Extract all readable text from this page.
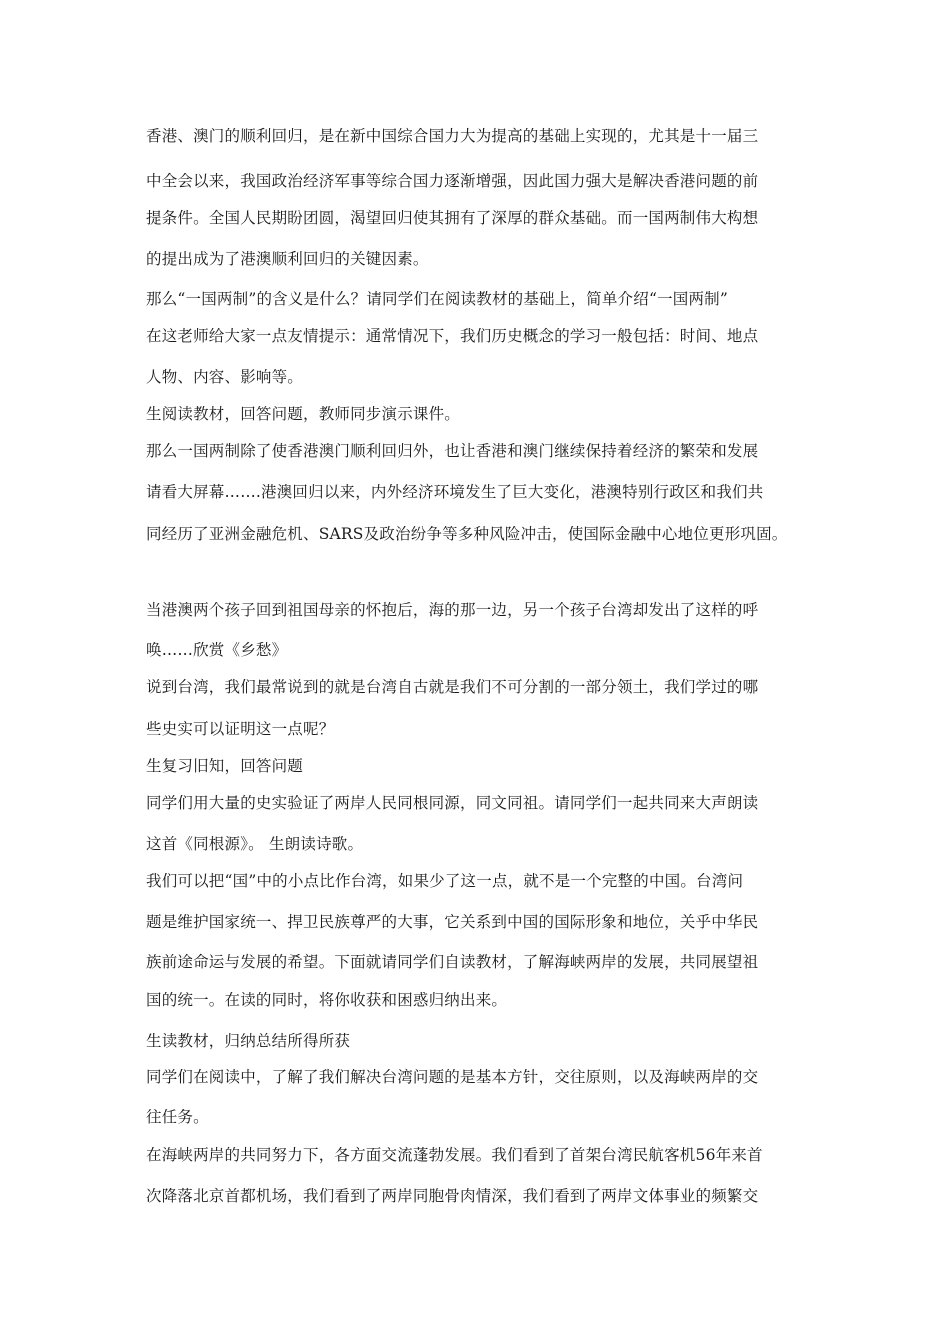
香港、澳门的顺利回归，是在新中国综合国力大为提高的基础上实现的，尤其是十一届三
中全会以来，我国政治经济军事等综合国力逐渐增强，因此国力强大是解决香港问题的前
提条件。全国人民期盼团圆，渴望回归使其拥有了深厚的群众基础。而一国两制伟大构想
的提出成为了港澳顺利回归的关键因素。
那么“一国两制”的含义是什么？请同学们在阅读教材的基础上，简单介绍“一国两制”
在这老师给大家一点友情提示：通常情况下，我们历史概念的学习一般包括：时间、地点
人物、内容、影响等。
生阅读教材，回答问题，教师同步演示课件。
那么一国两制除了使香港澳门顺利回归外，也让香港和澳门继续保持着经济的繁荣和发展
请看大屏幕…….港澳回归以来，内外经济环境发生了巨大变化，港澳特别行政区和我们共
同经历了亚洲金融危机、SARS及政治纷争等多种风险冲击，使国际金融中心地位更形巩固。
当港澳两个孩子回到祖国母亲的怀抱后，海的那一边，另一个孩子台湾却发出了这样的呼
唤……欣赏《乡愁》
说到台湾，我们最常说到的就是台湾自古就是我们不可分割的一部分领土，我们学过的哪
些史实可以证明这一点呢？
生复习旧知，回答问题
同学们用大量的史实验证了两岸人民同根同源，同文同祖。请同学们一起共同来大声朗读
这首《同根源》。 生朗读诗歌。
我们可以把“国”中的小点比作台湾，如果少了这一点，就不是一个完整的中国。台湾问
题是维护国家统一、捍卫民族尊严的大事，它关系到中国的国际形象和地位，关乎中华民
族前途命运与发展的希望。下面就请同学们自读教材，了解海峡两岸的发展，共同展望祖
国的统一。在读的同时，将你收获和困惑归纳出来。
生读教材，归纳总结所得所获
同学们在阅读中，了解了我们解决台湾问题的是基本方针，交往原则，以及海峡两岸的交
往任务。
在海峡两岸的共同努力下，各方面交流蓬勃发展。我们看到了首架台湾民航客机56年来首
次降落北京首都机场，我们看到了两岸同胞骨肉情深，我们看到了两岸文体事业的频繁交
